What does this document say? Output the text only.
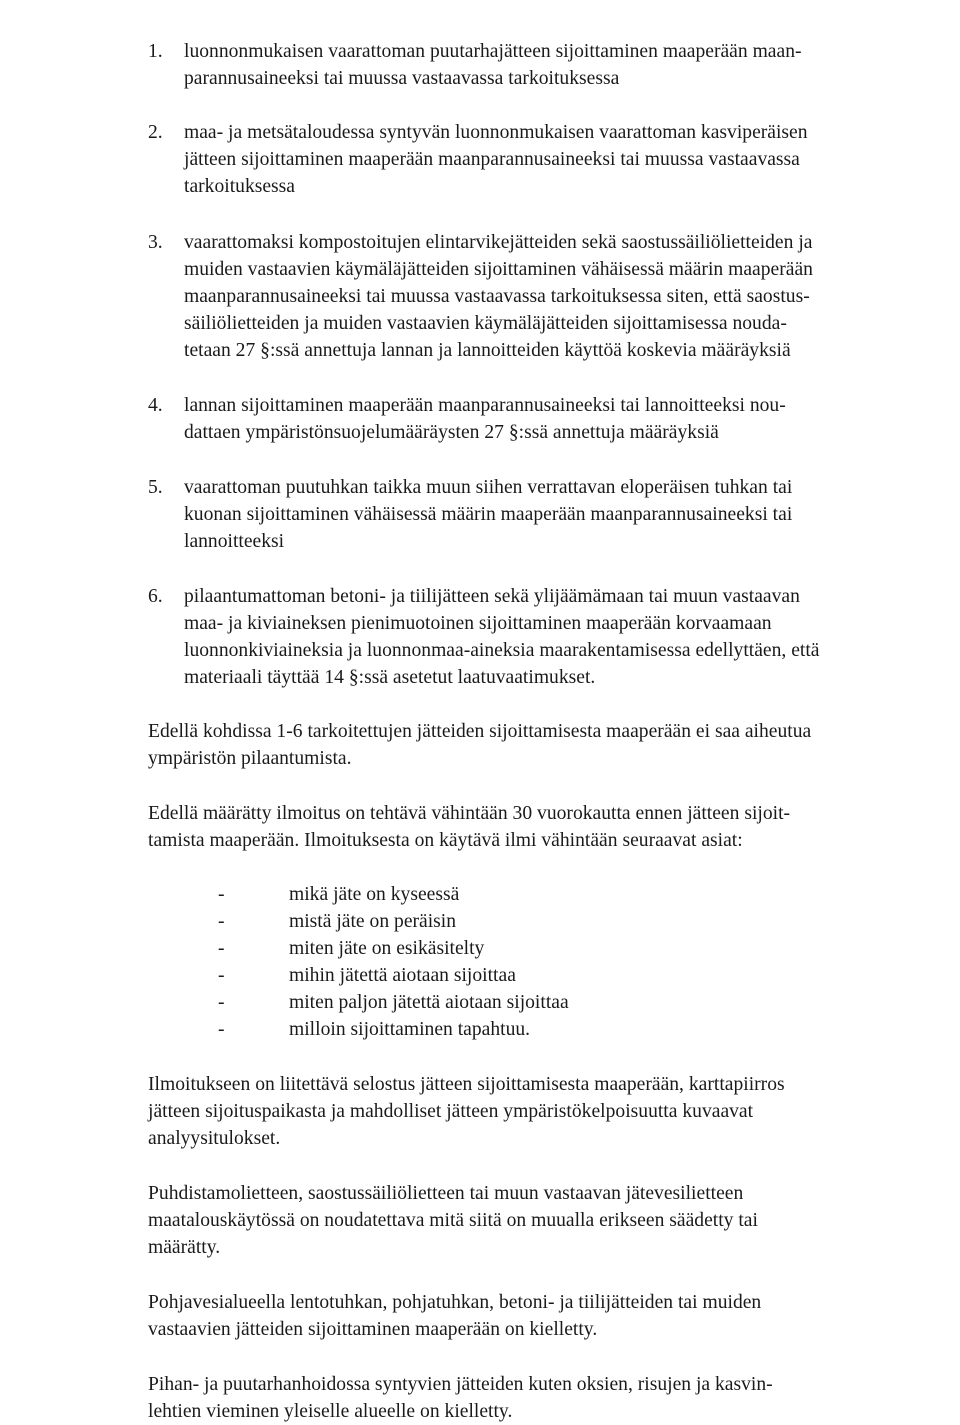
1. luonnonmukaisen vaarattoman puutarhajätteen sijoittaminen maaperään maan-
parannusaineeksi tai muussa vastaavassa tarkoituksessa
2. maa- ja metsätaloudessa syntyvän luonnonmukaisen vaarattoman kasviperäisen
jätteen sijoittaminen maaperään maanparannusaineeksi tai muussa vastaavassa
tarkoituksessa
3. vaarattomaksi kompostoitujen elintarvikejätteiden sekä saostussäiliölietteiden ja
muiden vastaavien käymäläjätteiden sijoittaminen vähäisessä määrin maaperään
maanparannusaineeksi tai muussa vastaavassa tarkoituksessa siten, että saostus-
säiliölietteiden ja muiden vastaavien käymäläjätteiden sijoittamisessa nouda-
tetaan 27 §:ssä annettuja lannan ja lannoitteiden käyttöä koskevia määräyksiä
4. lannan sijoittaminen maaperään maanparannusaineeksi tai lannoitteeksi nou-
dattaen ympäristönsuojelumääräysten 27 §:ssä annettuja määräyksiä
5. vaarattoman puutuhkan taikka muun siihen verrattavan eloperäisen tuhkan tai
kuonan sijoittaminen vähäisessä määrin maaperään maanparannusaineeksi tai
lannoitteeksi
6. pilaantumattoman betoni- ja tiilijätteen sekä ylijäämämaan tai muun vastaavan
maa- ja kiviaineksen pienimuotoinen sijoittaminen maaperään korvaamaan
luonnonkiviaineksia ja luonnonmaa-aineksia maarakentamisessa edellyttäen, että
materiaali täyttää 14 §:ssä asetetut laatuvaatimukset.
Edellä kohdissa 1-6 tarkoitettujen jätteiden sijoittamisesta maaperään ei saa aiheutua
ympäristön pilaantumista.
Edellä määrätty ilmoitus on tehtävä vähintään 30 vuorokautta ennen jätteen sijoit-
tamista maaperään. Ilmoituksesta on käytävä ilmi vähintään seuraavat asiat:
-	mikä jäte on kyseessä
-	mistä jäte on peräisin
-	miten jäte on esikäsitelty
-	mihin jätettä aiotaan sijoittaa
-	miten paljon jätettä aiotaan sijoittaa
-	milloin sijoittaminen tapahtuu.
Ilmoitukseen on liitettävä selostus jätteen sijoittamisesta maaperään, karttapiirros
jätteen sijoituspaikasta ja mahdolliset jätteen ympäristökelpoisuutta kuvaavat
analyysitulokset.
Puhdistamolietteen, saostussäiliölietteen tai muun vastaavan jätevesilietteen
maatalouskäytössä on noudatettava mitä siitä on muualla erikseen säädetty tai
määrätty.
Pohjavesialueella lentotuhkan, pohjatuhkan, betoni- ja tiilijätteiden tai muiden
vastaavien jätteiden sijoittaminen maaperään on kielletty.
Pihan- ja puutarhanhoidossa syntyvien jätteiden kuten oksien, risujen ja kasvin-
lehtien vieminen yleiselle alueelle on kielletty.
